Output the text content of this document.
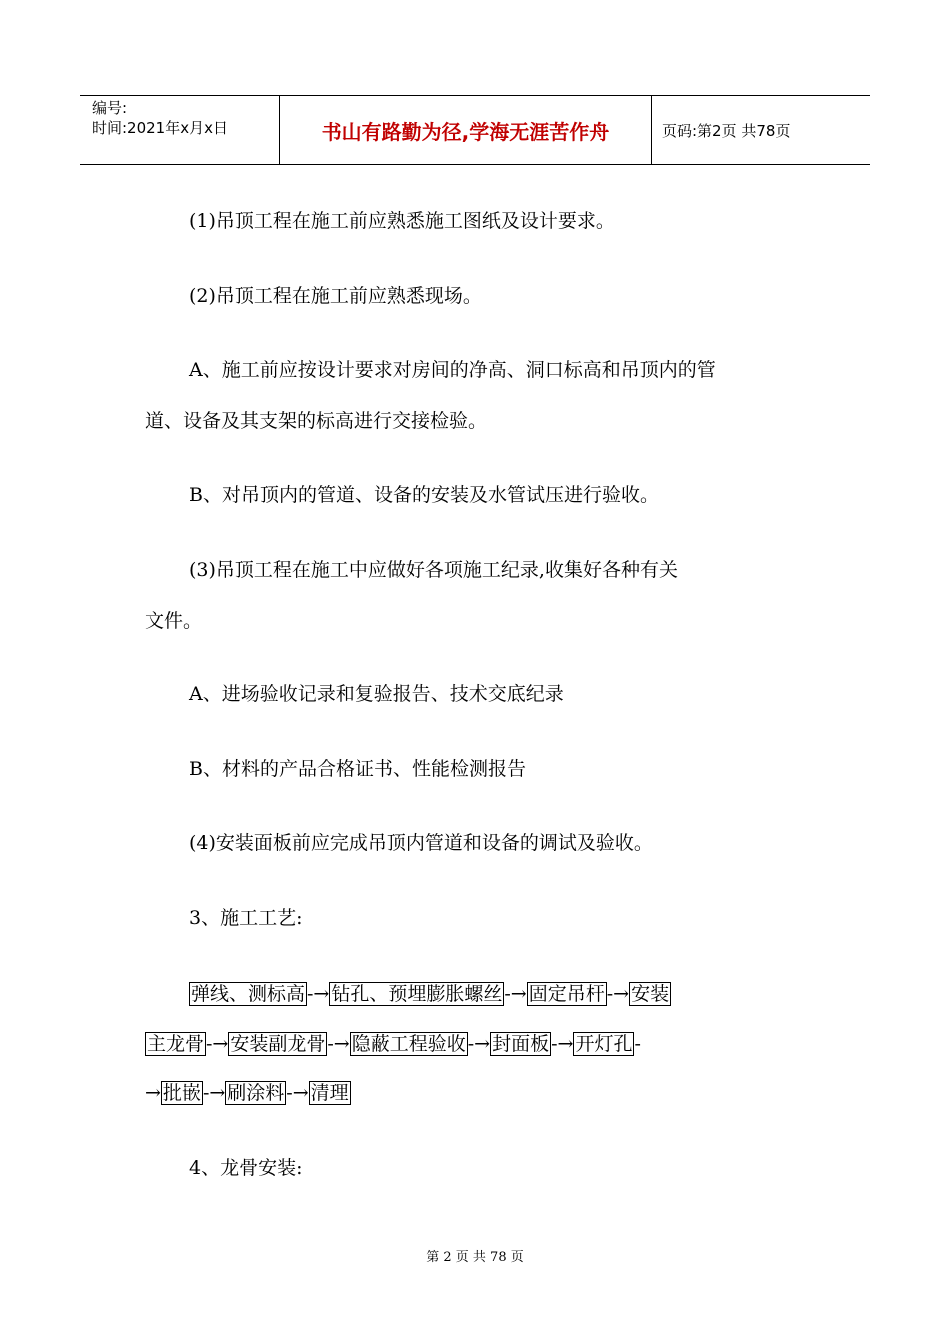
编号:
时间:2021年x月x日	书山有路勤为径,学海无涯苦作舟	页码:第2页 共78页
(1)吊顶工程在施工前应熟悉施工图纸及设计要求。
(2)吊顶工程在施工前应熟悉现场。
A、施工前应按设计要求对房间的净高、洞口标高和吊顶内的管
道、设备及其支架的标高进行交接检验。
B、对吊顶内的管道、设备的安装及水管试压进行验收。
(3)吊顶工程在施工中应做好各项施工纪录,收集好各种有关
文件。
A、进场验收记录和复验报告、技术交底纪录
B、材料的产品合格证书、性能检测报告
(4)安装面板前应完成吊顶内管道和设备的调试及验收。
3、施工工艺:
弹线、测标高 -→ 钻孔、预埋膨胀螺丝 -→ 固定吊杆 -→ 安装
主龙骨 -→ 安装副龙骨 -→ 隐蔽工程验收 -→ 封面板 -→ 开灯孔 -
→ 批嵌 -→ 刷涂料 -→ 清理
4、龙骨安装:
第 2 页 共 78 页
